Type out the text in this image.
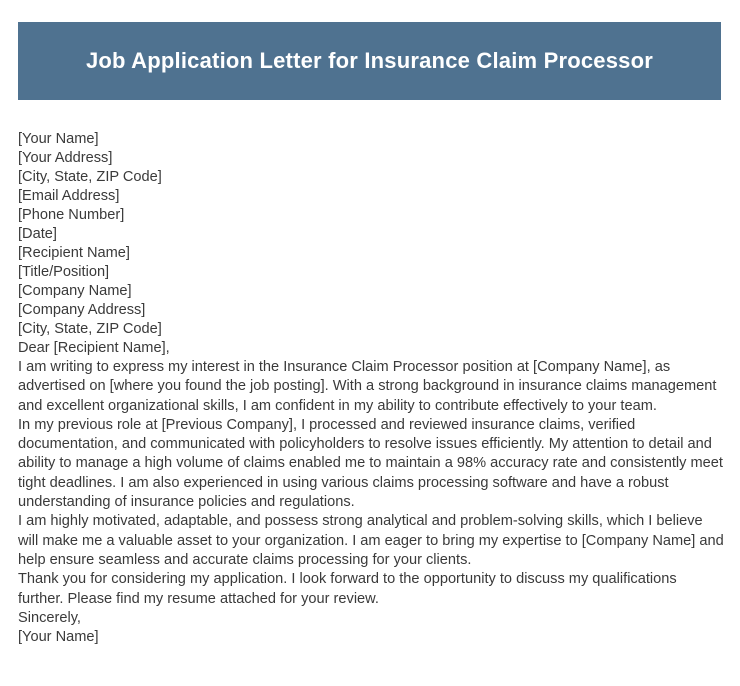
Job Application Letter for Insurance Claim Processor
[Your Name]
[Your Address]
[City, State, ZIP Code]
[Email Address]
[Phone Number]
[Date]
[Recipient Name]
[Title/Position]
[Company Name]
[Company Address]
[City, State, ZIP Code]
Dear [Recipient Name],

I am writing to express my interest in the Insurance Claim Processor position at [Company Name], as advertised on [where you found the job posting]. With a strong background in insurance claims management and excellent organizational skills, I am confident in my ability to contribute effectively to your team.

In my previous role at [Previous Company], I processed and reviewed insurance claims, verified documentation, and communicated with policyholders to resolve issues efficiently. My attention to detail and ability to manage a high volume of claims enabled me to maintain a 98% accuracy rate and consistently meet tight deadlines. I am also experienced in using various claims processing software and have a robust understanding of insurance policies and regulations.

I am highly motivated, adaptable, and possess strong analytical and problem-solving skills, which I believe will make me a valuable asset to your organization. I am eager to bring my expertise to [Company Name] and help ensure seamless and accurate claims processing for your clients.

Thank you for considering my application. I look forward to the opportunity to discuss my qualifications further. Please find my resume attached for your review.

Sincerely,
[Your Name]
